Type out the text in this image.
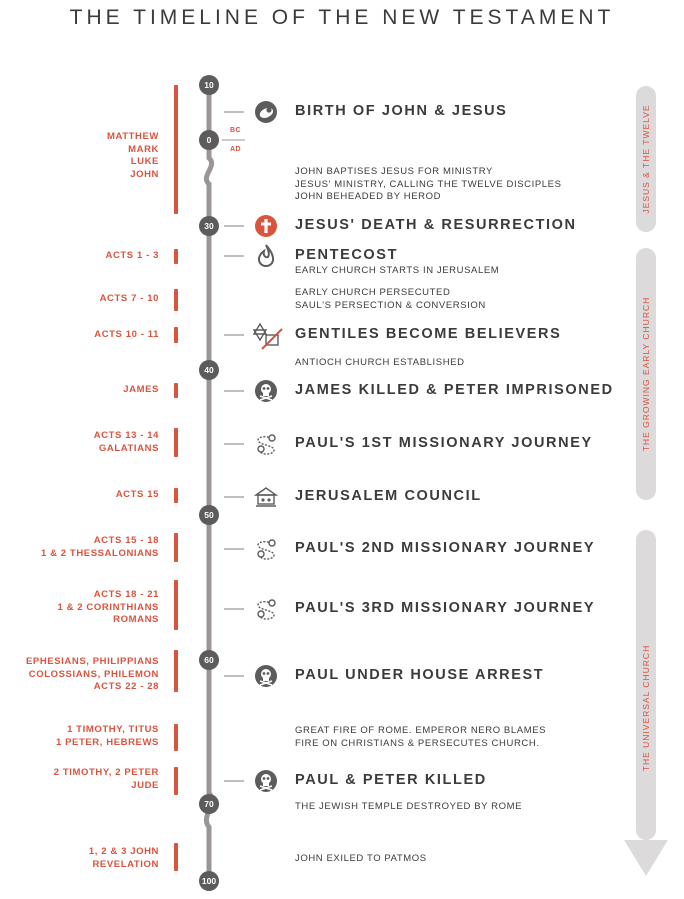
THE TIMELINE OF THE NEW TESTAMENT
MATTHEW
MARK
LUKE
JOHN
ACTS 1 - 3
ACTS 7 - 10
ACTS 10 - 11
JAMES
ACTS 13 - 14
GALATIANS
ACTS 15
ACTS 15 - 18
1 & 2 THESSALONIANS
ACTS 18 - 21
1 & 2 CORINTHIANS
ROMANS
EPHESIANS, PHILIPPIANS
COLOSSIANS, PHILEMON
ACTS 22 - 28
1 TIMOTHY, TITUS
1 PETER, HEBREWS
2 TIMOTHY, 2 PETER
JUDE
1, 2 & 3 JOHN
REVELATION
BC
AD
10
0
30
40
50
60
70
100
BIRTH OF JOHN & JESUS
JOHN BAPTISES JESUS FOR MINISTRY
JESUS' MINISTRY, CALLING THE TWELVE DISCIPLES
JOHN BEHEADED BY HEROD
JESUS' DEATH & RESURRECTION
PENTECOST
EARLY CHURCH STARTS IN JERUSALEM
EARLY CHURCH PERSECUTED
SAUL'S PERSECTION & CONVERSION
GENTILES BECOME BELIEVERS
ANTIOCH CHURCH ESTABLISHED
JAMES KILLED & PETER IMPRISONED
PAUL'S 1ST MISSIONARY JOURNEY
JERUSALEM COUNCIL
PAUL'S 2ND MISSIONARY JOURNEY
PAUL'S 3RD MISSIONARY JOURNEY
PAUL UNDER HOUSE ARREST
GREAT FIRE OF ROME. EMPEROR NERO BLAMES
FIRE ON CHRISTIANS & PERSECUTES CHURCH.
PAUL & PETER KILLED
THE JEWISH TEMPLE DESTROYED BY ROME
JOHN EXILED TO PATMOS
JESUS & THE TWELVE
THE GROWING EARLY CHURCH
THE UNIVERSAL CHURCH
